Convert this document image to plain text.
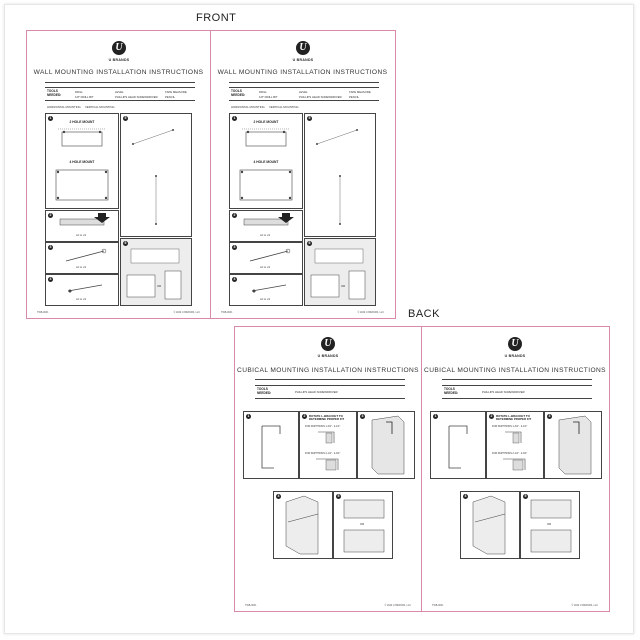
FRONT
BACK
U
U BRANDS
WALL MOUNTING INSTALLATION INSTRUCTIONS
TOOLS NEEDED:
DRILL	LEVEL	TAPE MEASURE
1/8" DRILL BIT	PHILLIPS HEAD SCREWDRIVER	PENCIL
HORIZONTAL MOUNTING VERTICAL MOUNTING
1
2 HOLE MOUNT
4 HOLE MOUNT
2
x2 or x4
3
x2 or x4
4
x2 or x4
5
6
OR
TWB-0001	© 2020 U BRANDS, LLC
U
U BRANDS
WALL MOUNTING INSTALLATION INSTRUCTIONS
TOOLS NEEDED:
DRILL	LEVEL	TAPE MEASURE
1/8" DRILL BIT	PHILLIPS HEAD SCREWDRIVER	PENCIL
HORIZONTAL MOUNTING VERTICAL MOUNTING
1
2 HOLE MOUNT
4 HOLE MOUNT
2
x2 or x4
3
x2 or x4
4
x2 or x4
5
6
OR
TWB-0001	© 2020 U BRANDS, LLC
U
U BRANDS
CUBICAL MOUNTING INSTALLATION INSTRUCTIONS
TOOLS NEEDED:	PHILLIPS HEAD SCREWDRIVER
1	2	ROTATE L-BRACKET TO DETERMINE PROPER FIT
FOR PARTITIONS 1-3/4" - 2-1/4"
FOR PARTITIONS 2-1/4" - 2-3/4"
3
4	5
OR
TWB-0001	© 2020 U BRANDS, LLC
U
U BRANDS
CUBICAL MOUNTING INSTALLATION INSTRUCTIONS
TOOLS NEEDED:	PHILLIPS HEAD SCREWDRIVER
1	2	ROTATE L-BRACKET TO DETERMINE PROPER FIT
FOR PARTITIONS 1-3/4" - 2-1/4"
FOR PARTITIONS 2-1/4" - 2-3/4"
3
4	5
OR
TWB-0001	© 2020 U BRANDS, LLC
